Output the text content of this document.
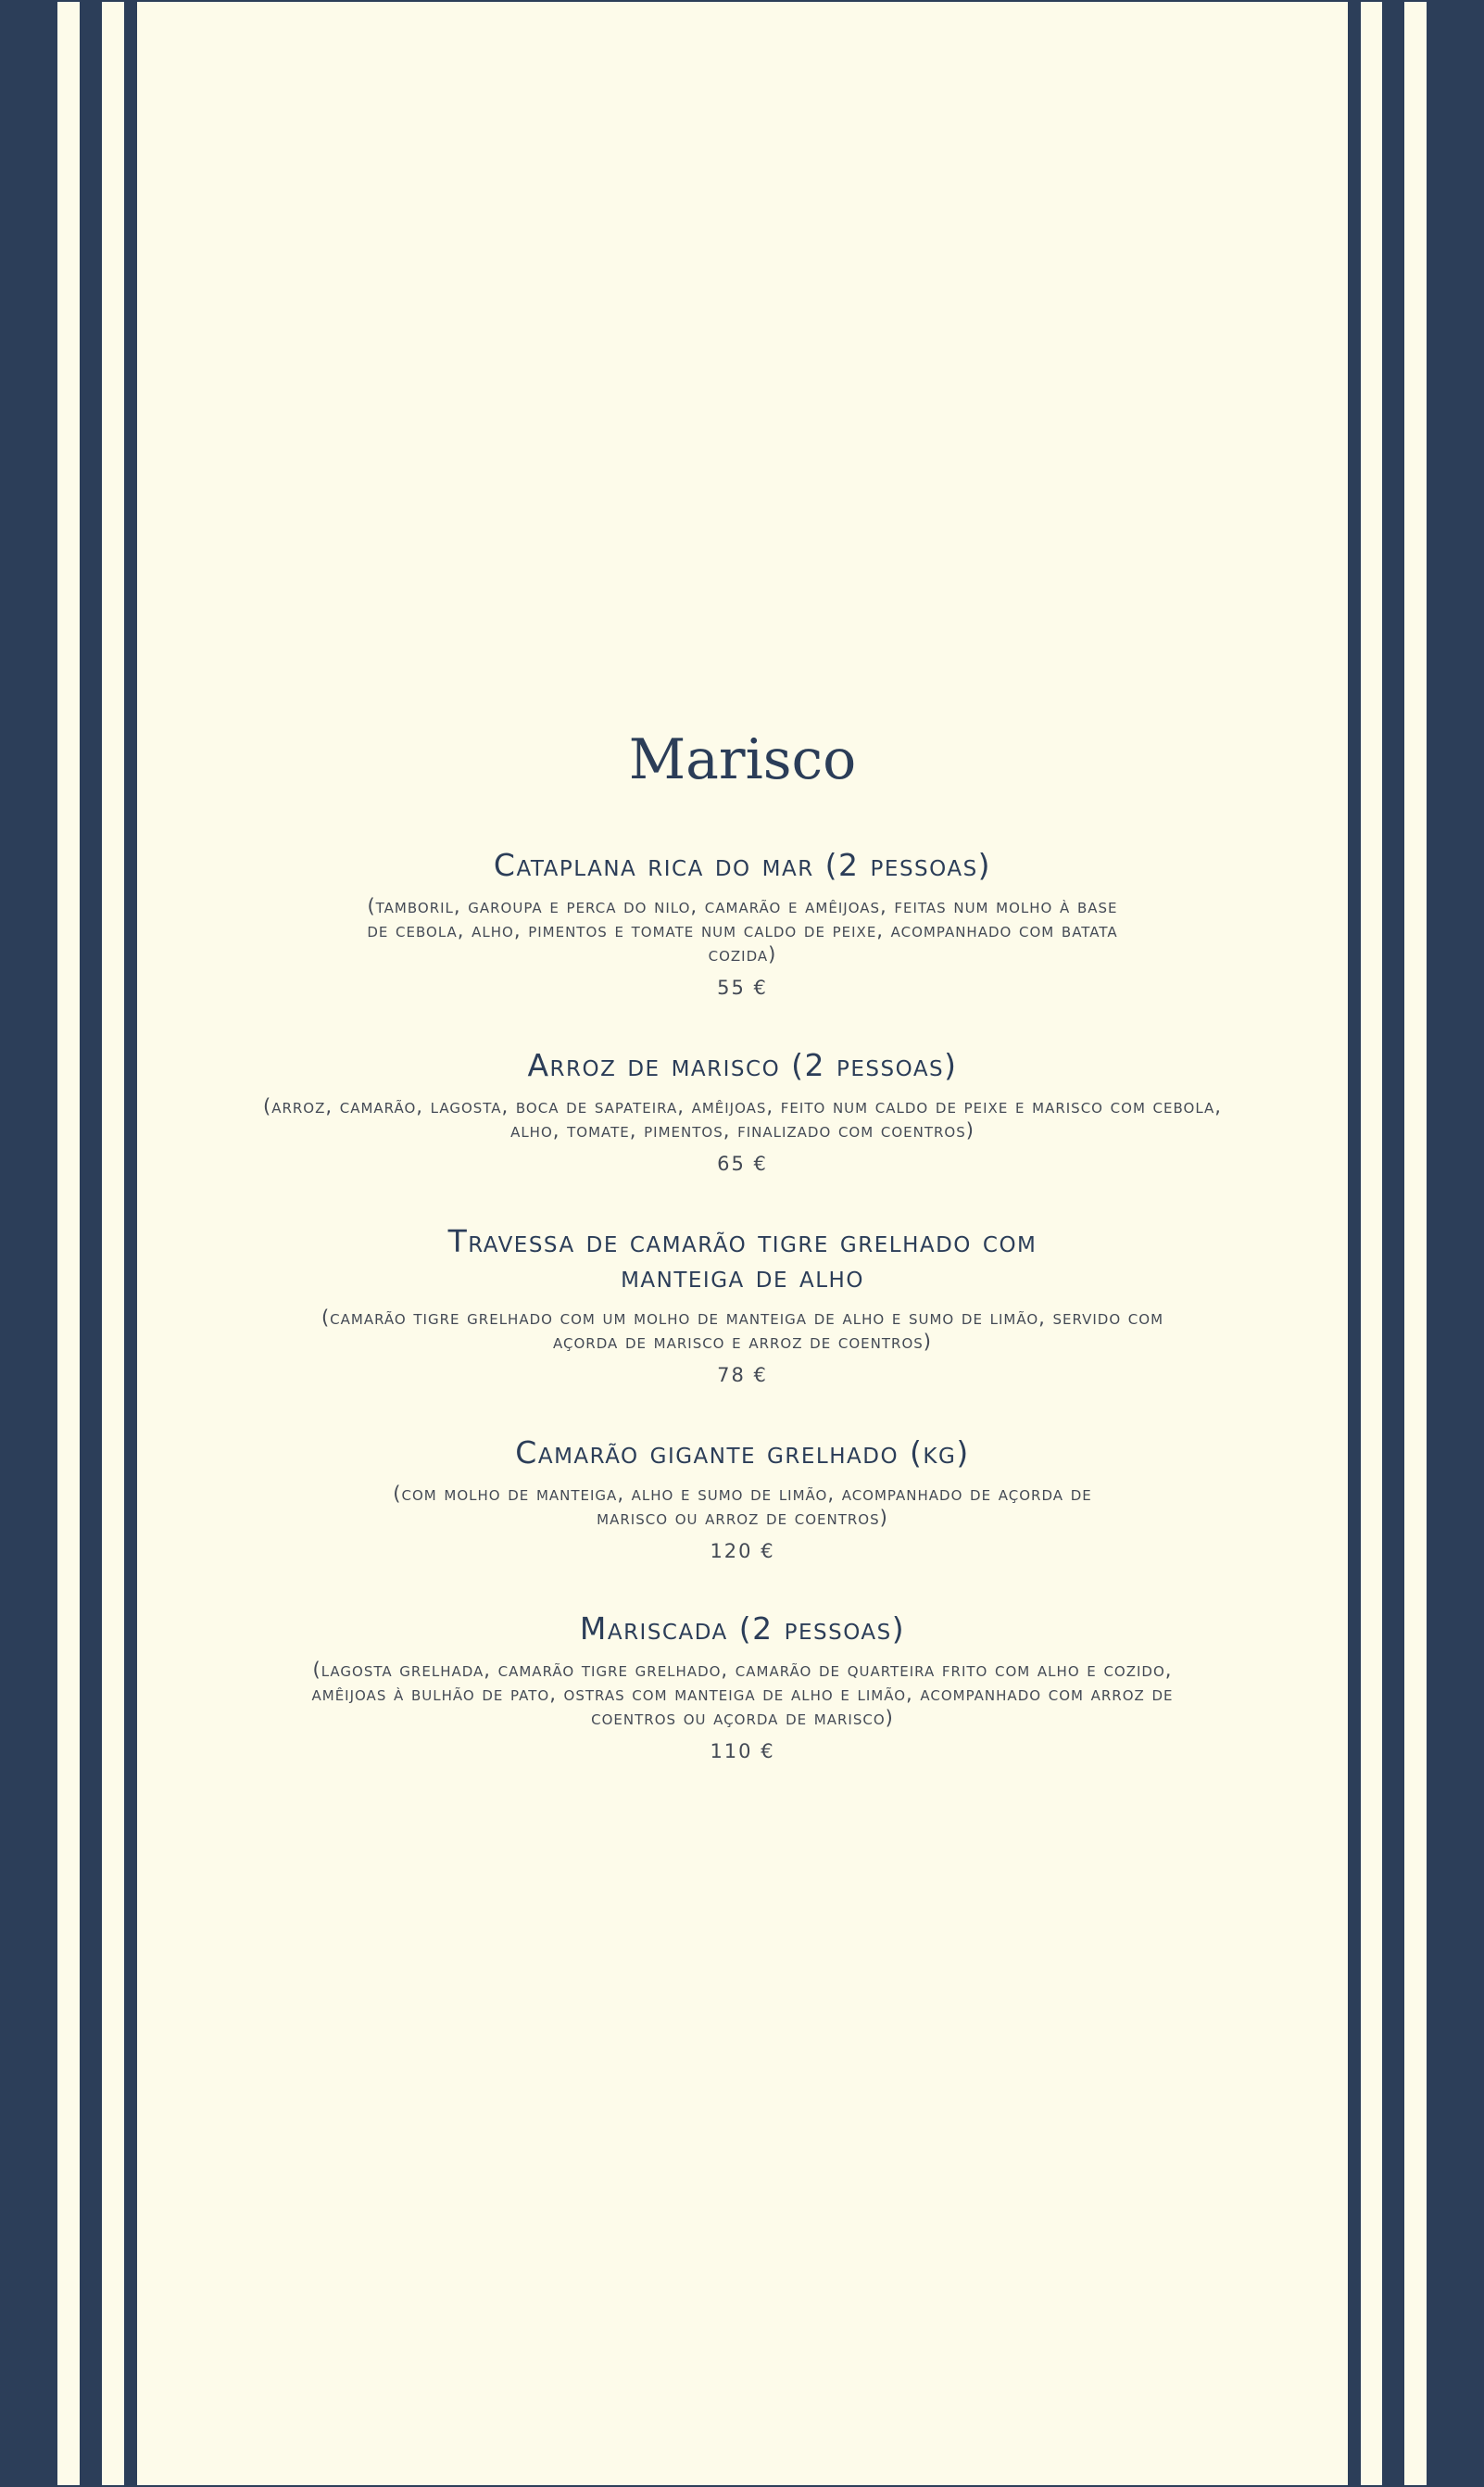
Marisco
Cataplana rica do mar (2 pessoas)
(tamboril, garoupa e perca do nilo, camarão e amêijoas, feitas num molho à base de cebola, alho, pimentos e tomate num caldo de peixe, acompanhado com batata cozida)
55 €
Arroz de marisco (2 pessoas)
(arroz, camarão, lagosta, boca de sapateira, amêijoas, feito num caldo de peixe e marisco com cebola, alho, tomate, pimentos, finalizado com coentros)
65 €
Travessa de camarão tigre grelhado com manteiga de alho
(camarão tigre grelhado com um molho de manteiga de alho e sumo de limão, servido com açorda de marisco e arroz de coentros)
78 €
Camarão gigante grelhado (kg)
(com molho de manteiga, alho e sumo de limão, acompanhado de açorda de marisco ou arroz de coentros)
120 €
Mariscada (2 pessoas)
(lagosta grelhada, camarão tigre grelhado, camarão de quarteira frito com alho e cozido, amêijoas à bulhão de pato, ostras com manteiga de alho e limão, acompanhado com arroz de coentros ou açorda de marisco)
110 €
